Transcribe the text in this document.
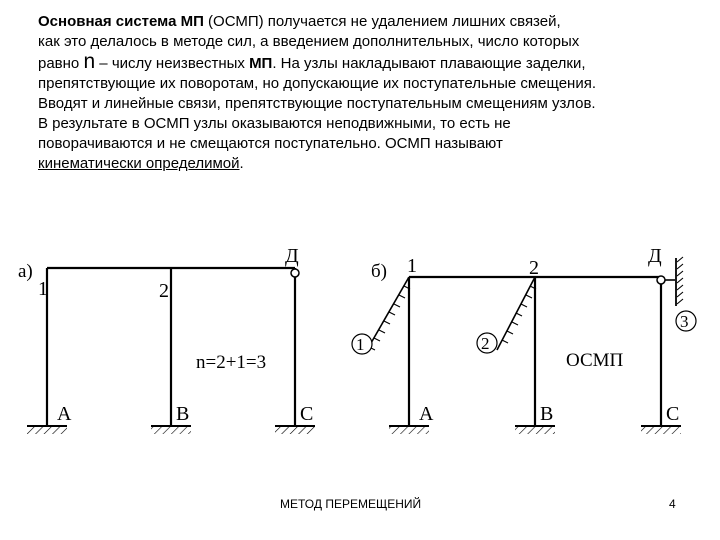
Основная система МП (ОСМП) получается не удалением лишних связей,
как это делалось в методе сил, а введением дополнительных, число которых
равно n – числу неизвестных МП. На узлы накладывают плавающие заделки,
препятствующие их поворотам, но допускающие их поступательные смещения.
Вводят и линейные связи, препятствующие поступательным смещениям узлов.
В результате в ОСМП узлы оказываются неподвижными, то есть не
поворачиваются и не смещаются поступательно. ОСМП называют
кинематически определимой.
а)
1	2
Д
n=2+1=3
А	В	С
б) 1	2
Д
1	2
3
ОСМП
А	В	С
МЕТОД ПЕРЕМЕЩЕНИЙ	4
